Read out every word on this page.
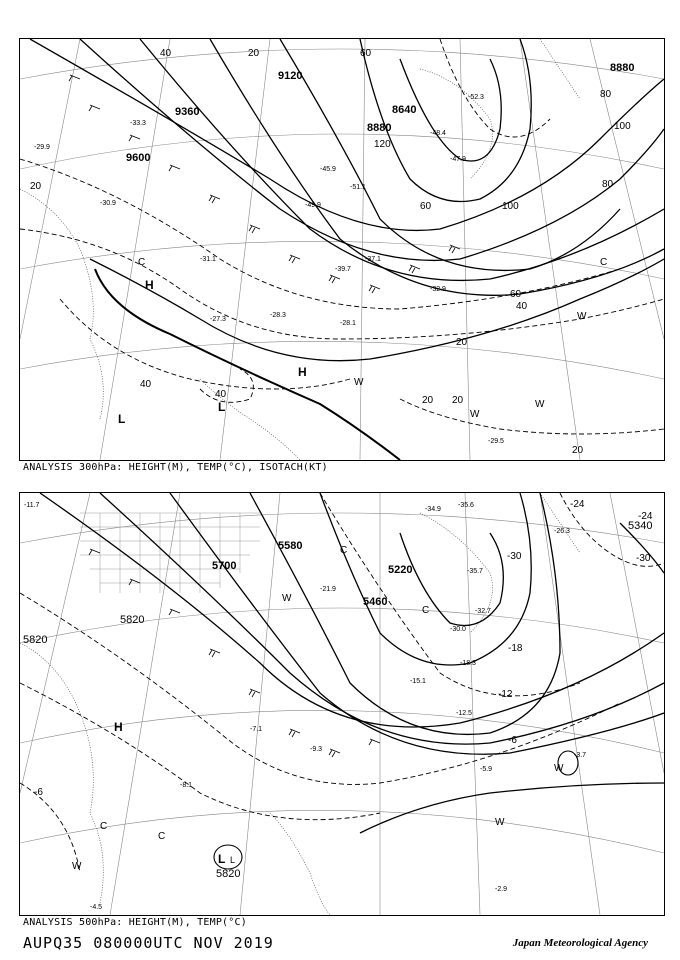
9120
9360
9600
8640
8880
8880
40	20	60
80
100
120
20
40
60
80
100
20
40
60
20
20
20
40
H
H
L
L
C	C
W
W
W
W
-29.9
-30.9
-33.3
-37.1
-39.7
-45.9
-48.4
-49.9
-51.1
-52.3
-47.9
-27.3
-28.3
-28.1
-29.5
-31.1
-32.9
ANALYSIS 300hPa: HEIGHT(M), TEMP(°C), ISOTACH(KT)
5700
5580
5460
5220
5820
5820
5340
5820
-24
-24
-30
-30
-18
-12
-6
-6
H
L L
C
C
C	W
W
W
W
C
-35.6
-34.9
-35.7
-32.7
-30.0
-26.3
-21.9
-18.3
-15.1
-12.5
-9.3
-7.1
-5.9
-4.5
-3.7
-2.9
-11.7
-8.1
ANALYSIS 500hPa: HEIGHT(M), TEMP(°C)
AUPQ35 080000UTC NOV 2019	Japan Meteorological Agency
